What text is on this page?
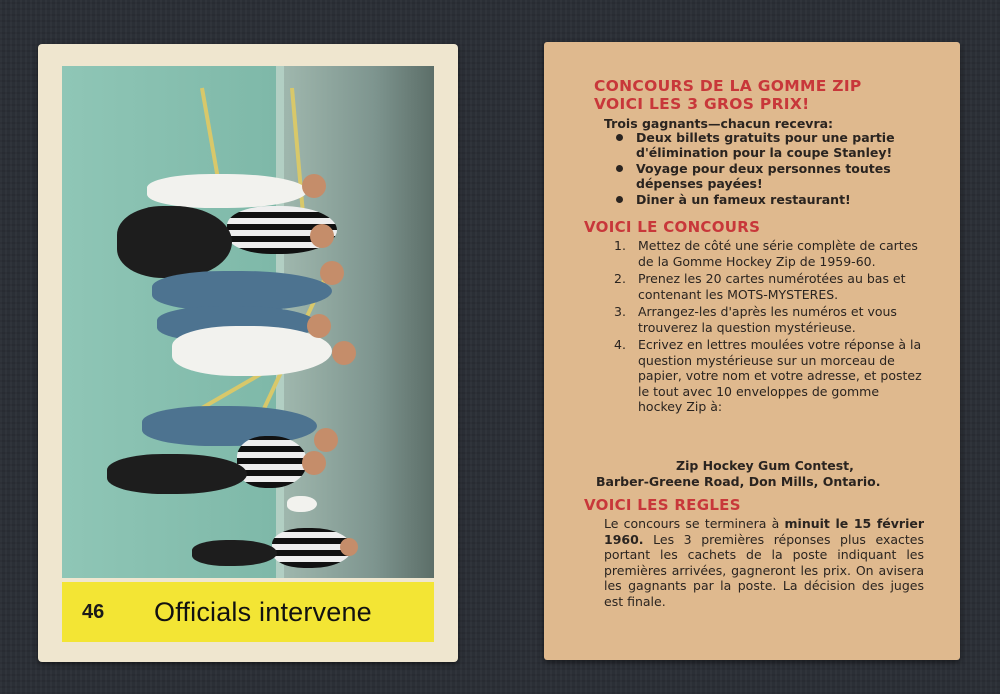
46	Officials intervene
CONCOURS DE LA GOMME ZIP
VOICI LES 3 GROS PRIX!
Trois gagnants—chacun recevra:
Deux billets gratuits pour une partie d'élimination pour la coupe Stanley!
Voyage pour deux personnes toutes dépenses payées!
Diner à un fameux restaurant!
VOICI LE CONCOURS
1. Mettez de côté une série complète de cartes de la Gomme Hockey Zip de 1959-60.
2. Prenez les 20 cartes numérotées au bas et contenant les MOTS-MYSTERES.
3. Arrangez-les d'après les numéros et vous trouverez la question mystérieuse.
4. Ecrivez en lettres moulées votre réponse à la question mystérieuse sur un morceau de papier, votre nom et votre adresse, et postez le tout avec 10 enveloppes de gomme hockey Zip à:
Zip Hockey Gum Contest,
Barber-Greene Road, Don Mills, Ontario.
VOICI LES REGLES
Le concours se terminera à minuit le 15 février 1960. Les 3 premières réponses plus exactes portant les cachets de la poste indiquant les premières arrivées, gagneront les prix. On avisera les gagnants par la poste. La décision des juges est finale.
